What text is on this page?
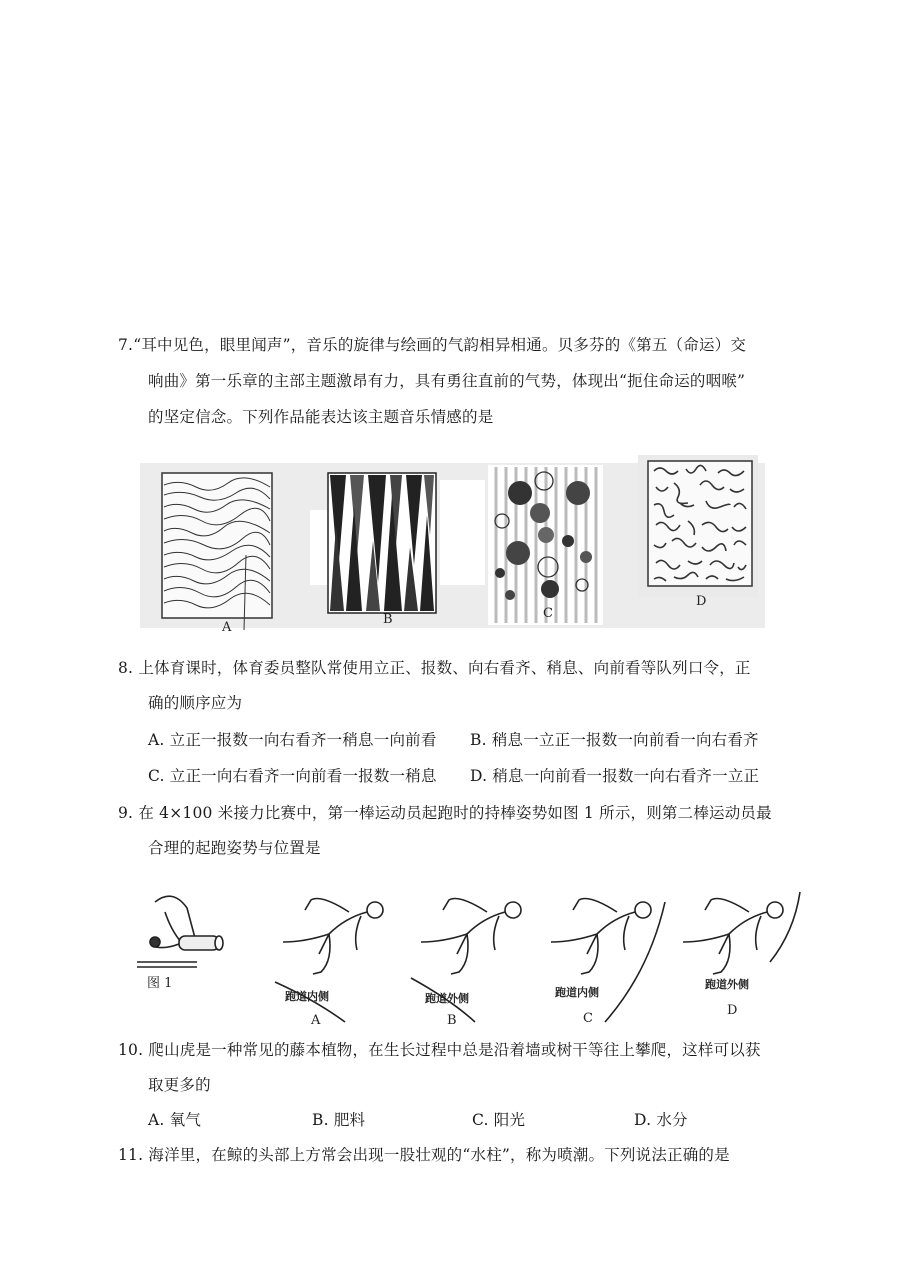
7.“耳中见色，眼里闻声”，音乐的旋律与绘画的气韵相异相通。贝多芬的《第五（命运）交
响曲》第一乐章的主部主题激昂有力，具有勇往直前的气势，体现出“扼住命运的咽喉”
的坚定信念。下列作品能表达该主题音乐情感的是
A
B	C
D
8. 上体育课时，体育委员整队常使用立正、报数、向右看齐、稍息、向前看等队列口令，正
确的顺序应为
A. 立正一报数一向右看齐一稍息一向前看 B. 稍息一立正一报数一向前看一向右看齐
C. 立正一向右看齐一向前看一报数一稍息 D. 稍息一向前看一报数一向右看齐一立正
9. 在 4×100 米接力比赛中，第一棒运动员起跑时的持棒姿势如图 1 所示，则第二棒运动员最
合理的起跑姿势与位置是
图 1
跑道内侧
A
跑道外侧
B
跑道内侧
C
跑道外侧
D
10. 爬山虎是一种常见的藤本植物，在生长过程中总是沿着墙或树干等往上攀爬，这样可以获
取更多的
A. 氧气	B. 肥料	C. 阳光	D. 水分
11. 海洋里，在鲸的头部上方常会出现一股壮观的“水柱”，称为喷潮。下列说法正确的是
